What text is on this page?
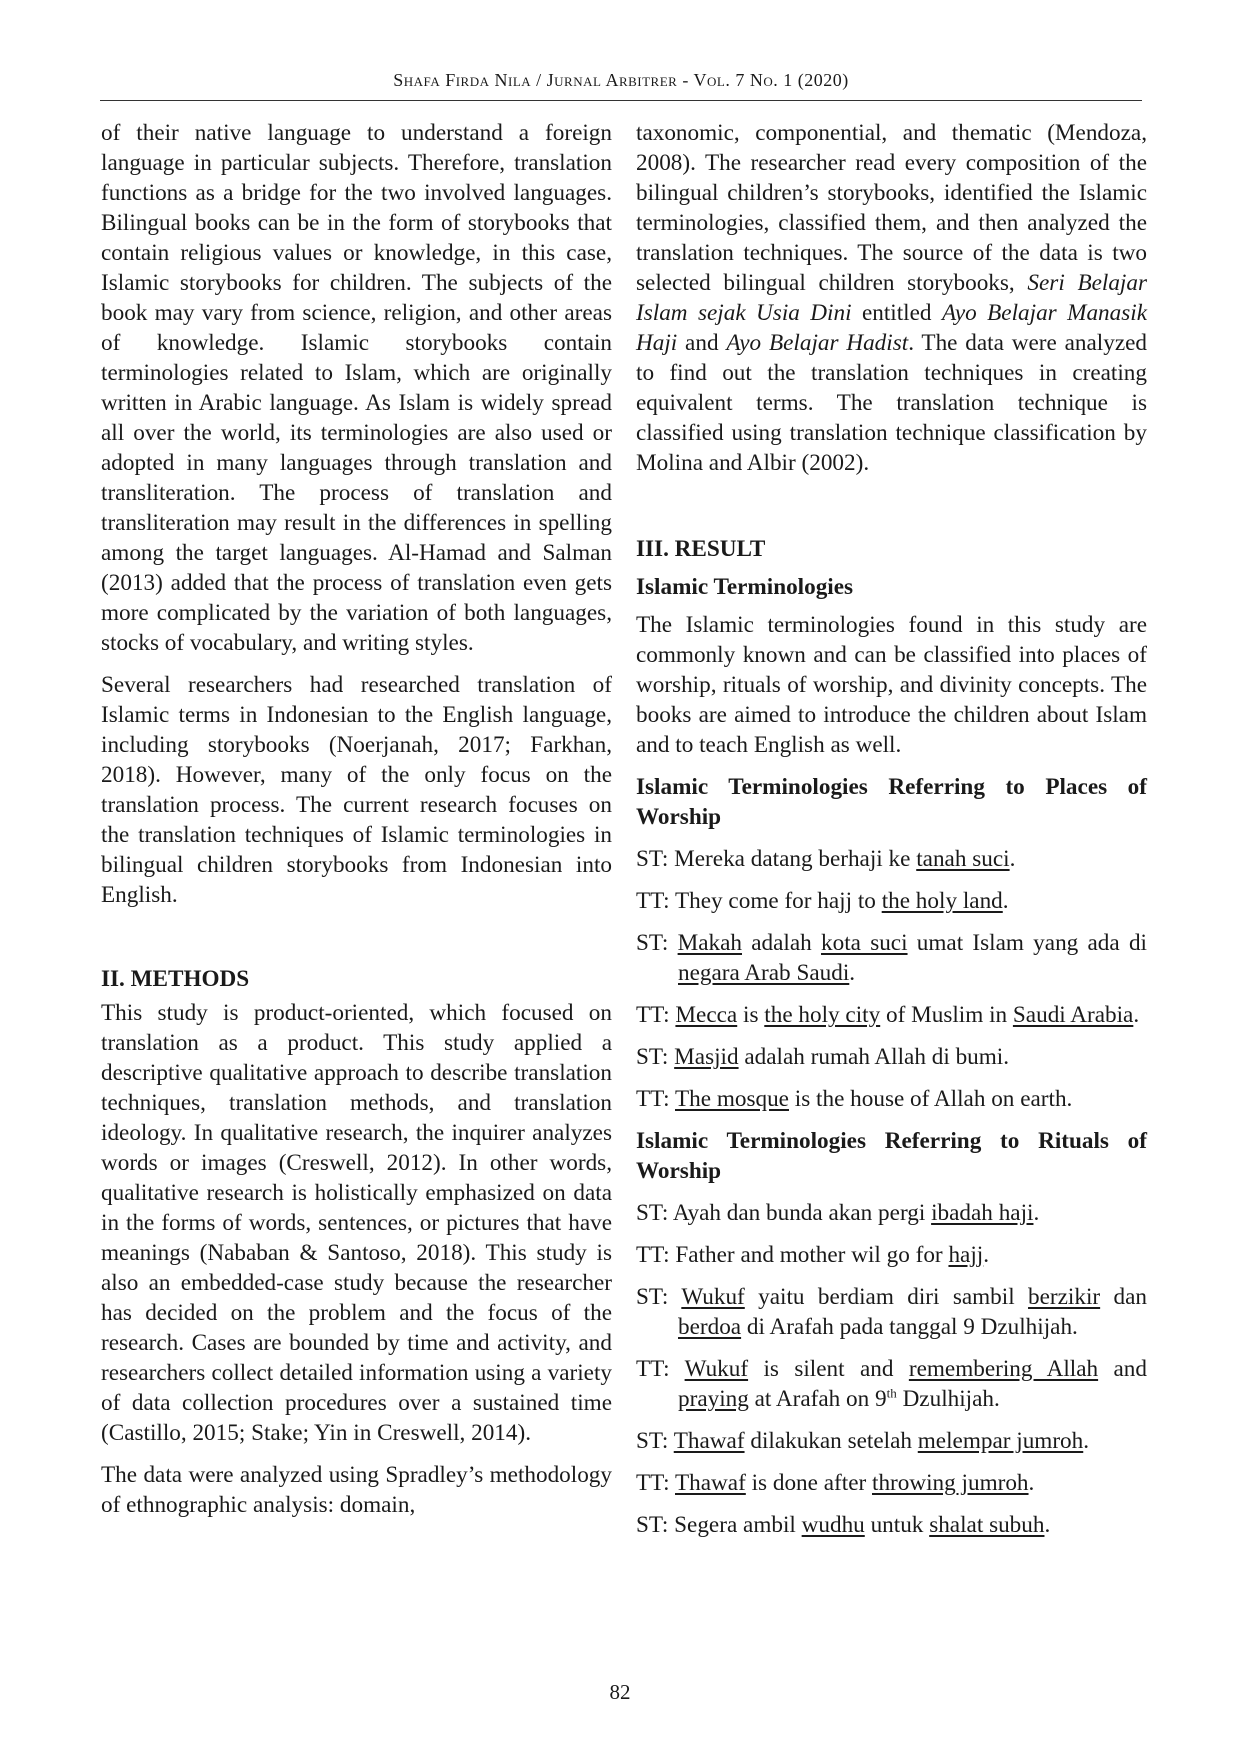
Shafa Firda Nila / Jurnal Arbitrer - Vol. 7 No. 1 (2020)

of their native language to understand a foreign language in particular subjects. Therefore, translation functions as a bridge for the two involved languages. Bilingual books can be in the form of storybooks that contain religious values or knowledge, in this case, Islamic storybooks for children. The subjects of the book may vary from science, religion, and other areas of knowledge. Islamic storybooks contain terminologies related to Islam, which are originally written in Arabic language. As Islam is widely spread all over the world, its terminologies are also used or adopted in many languages through translation and transliteration. The process of translation and transliteration may result in the differences in spelling among the target languages. Al-Hamad and Salman (2013) added that the process of translation even gets more complicated by the variation of both languages, stocks of vocabulary, and writing styles.

Several researchers had researched translation of Islamic terms in Indonesian to the English language, including storybooks (Noerjanah, 2017; Farkhan, 2018). However, many of the only focus on the translation process. The current research focuses on the translation techniques of Islamic terminologies in bilingual children storybooks from Indonesian into English.

II. METHODS

This study is product-oriented, which focused on translation as a product. This study applied a descriptive qualitative approach to describe translation techniques, translation methods, and translation ideology. In qualitative research, the inquirer analyzes words or images (Creswell, 2012). In other words, qualitative research is holistically emphasized on data in the forms of words, sentences, or pictures that have meanings (Nababan & Santoso, 2018). This study is also an embedded-case study because the researcher has decided on the problem and the focus of the research. Cases are bounded by time and activity, and researchers collect detailed information using a variety of data collection procedures over a sustained time (Castillo, 2015; Stake; Yin in Creswell, 2014).

The data were analyzed using Spradley’s methodology of ethnographic analysis: domain,

taxonomic, componential, and thematic (Mendoza, 2008). The researcher read every composition of the bilingual children’s storybooks, identified the Islamic terminologies, classified them, and then analyzed the translation techniques. The source of the data is two selected bilingual children storybooks, Seri Belajar Islam sejak Usia Dini entitled Ayo Belajar Manasik Haji and Ayo Belajar Hadist. The data were analyzed to find out the translation techniques in creating equivalent terms. The translation technique is classified using translation technique classification by Molina and Albir (2002).

III. RESULT

Islamic Terminologies

The Islamic terminologies found in this study are commonly known and can be classified into places of worship, rituals of worship, and divinity concepts. The books are aimed to introduce the children about Islam and to teach English as well.

Islamic Terminologies Referring to Places of Worship

ST: Mereka datang berhaji ke tanah suci.

TT: They come for hajj to the holy land.

ST: Makah adalah kota suci umat Islam yang ada di negara Arab Saudi.

TT: Mecca is the holy city of Muslim in Saudi Arabia.

ST: Masjid adalah rumah Allah di bumi.

TT: The mosque is the house of Allah on earth.

Islamic Terminologies Referring to Rituals of Worship

ST: Ayah dan bunda akan pergi ibadah haji.

TT: Father and mother wil go for hajj.

ST: Wukuf yaitu berdiam diri sambil berzikir dan berdoa di Arafah pada tanggal 9 Dzulhijah.

TT: Wukuf is silent and remembering Allah and praying at Arafah on 9th Dzulhijah.

ST: Thawaf dilakukan setelah melempar jumroh.

TT: Thawaf is done after throwing jumroh.

ST: Segera ambil wudhu untuk shalat subuh.

82
